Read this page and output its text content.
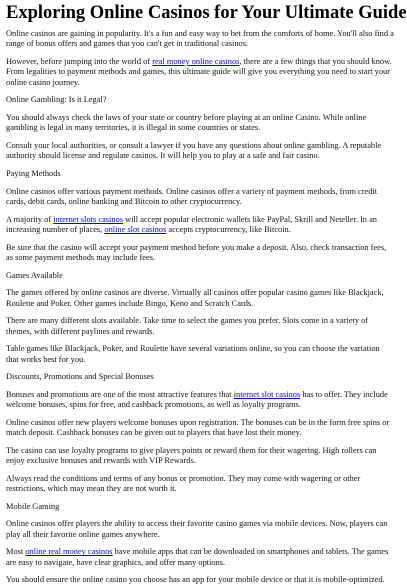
Exploring Online Casinos for Your Ultimate Guide

Online casinos are gaining in popularity. It's a fun and easy way to bet from the comforts of home. You'll also find a range of bonus offers and games that you can't get in traditional casinos.

However, before jumping into the world of real money online casinos, there are a few things that you should know. From legalities to payment methods and games, this ultimate guide will give you everything you need to start your online casino journey.

Online Gambling: Is it Legal?

You should always check the laws of your state or country before playing at an online Casino. While online gambling is legal in many territories, it is illegal in some countries or states.

Consult your local authorities, or consult a lawyer if you have any questions about online gambling. A reputable authority should license and regulate casinos. It will help you to play at a safe and fair casino.

Paying Methods

Online casinos offer various payment methods. Online casinos offer a variety of payment methods, from credit cards, debit cards, online banking and Bitcoin to other cryptocurrency.

A majority of internet slots casinos will accept popular electronic wallets like PayPal, Skrill and Neteller. In an increasing number of places, online slot casinos accepts cryptocurrency, like Bitcoin.

Be sure that the casino will accept your payment method before you make a deposit. Also, check transaction fees, as some payment methods may include fees.

Games Available

The games offered by online casinos are diverse. Virtually all casinos offer popular casino games like Blackjack, Roulette and Poker. Other games include Bingo, Keno and Scratch Cards.

There are many different slots available. Take time to select the games you prefer. Slots come in a variety of themes, with different paylines and rewards.

Table games like Blackjack, Poker, and Roulette have several variations online, so you can choose the variation that works best for you.

Discounts, Promotions and Special Bonuses

Bonuses and promotions are one of the most attractive features that internet slot casinos has to offer. They include welcome bonuses, spins for free, and cashback promotions, as well as loyalty programs.

Online casinos offer new players welcome bonuses upon registration. The bonuses can be in the form free spins or match deposit. Cashback bonuses can be given out to players that have lost their money.

The casino can use loyalty programs to give players points or reward them for their wagering. High rollers can enjoy exclusive bonuses and rewards with VIP Rewards.

Always read the conditions and terms of any bonus or promotion. They may come with wagering or other restrictions, which may mean they are not worth it.

Mobile Gaming

Online casinos offer players the ability to access their favorite casino games via mobile devices. Now, players can play all their favorite online games anywhere.

Most online real money casinos have mobile apps that can be downloaded on smartphones and tablets. The games are easy to navigate, have clear graphics, and offer many options.

You should ensure the online casino you choose has an app for your mobile device or that it is mobile-optimized.
